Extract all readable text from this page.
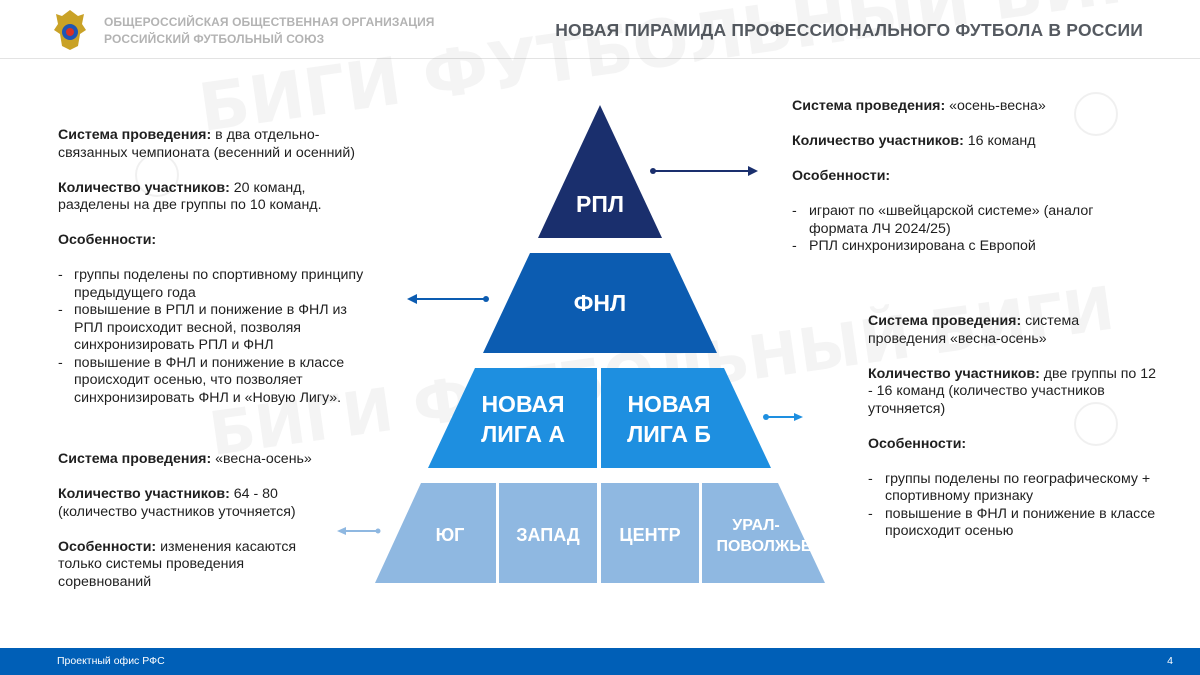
ОБЩЕРОССИЙСКАЯ ОБЩЕСТВЕННАЯ ОРГАНИЗАЦИЯ
РОССИЙСКИЙ ФУТБОЛЬНЫЙ СОЮЗ	НОВАЯ ПИРАМИДА ПРОФЕССИОНАЛЬНОГО ФУТБОЛА В РОССИИ
РПЛ
ФНЛ
НОВАЯ
ЛИГА А
НОВАЯ
ЛИГА Б
ЮГ	ЗАПАД ЦЕНТР	УРАЛ-
ПОВОЛЖЬЕ

Система проведения: в два отдельно-связанных чемпионата (весенний и осенний)

Количество участников: 20 команд, разделены на две группы по 10 команд.

Особенности:

- группы поделены по спортивному принципу предыдущего года
- повышение в РПЛ и понижение в ФНЛ из РПЛ происходит весной, позволяя синхронизировать РПЛ и ФНЛ
- повышение в ФНЛ и понижение в классе происходит осенью, что позволяет синхронизировать ФНЛ и «Новую Лигу».

Система проведения: «весна-осень»

Количество участников: 64 - 80 (количество участников уточняется)

Особенности: изменения касаются только системы проведения соревнований

Система проведения: «осень-весна»

Количество участников: 16 команд

Особенности:

- играют по «швейцарской системе» (аналог формата ЛЧ 2024/25)
- РПЛ синхронизирована с Европой

Система проведения: система проведения «весна-осень»

Количество участников: две группы по 12 - 16 команд (количество участников уточняется)

Особенности:

- группы поделены по географическому + спортивному признаку
- повышение в ФНЛ и понижение в классе происходит осенью

Проектный офис РФС	4
